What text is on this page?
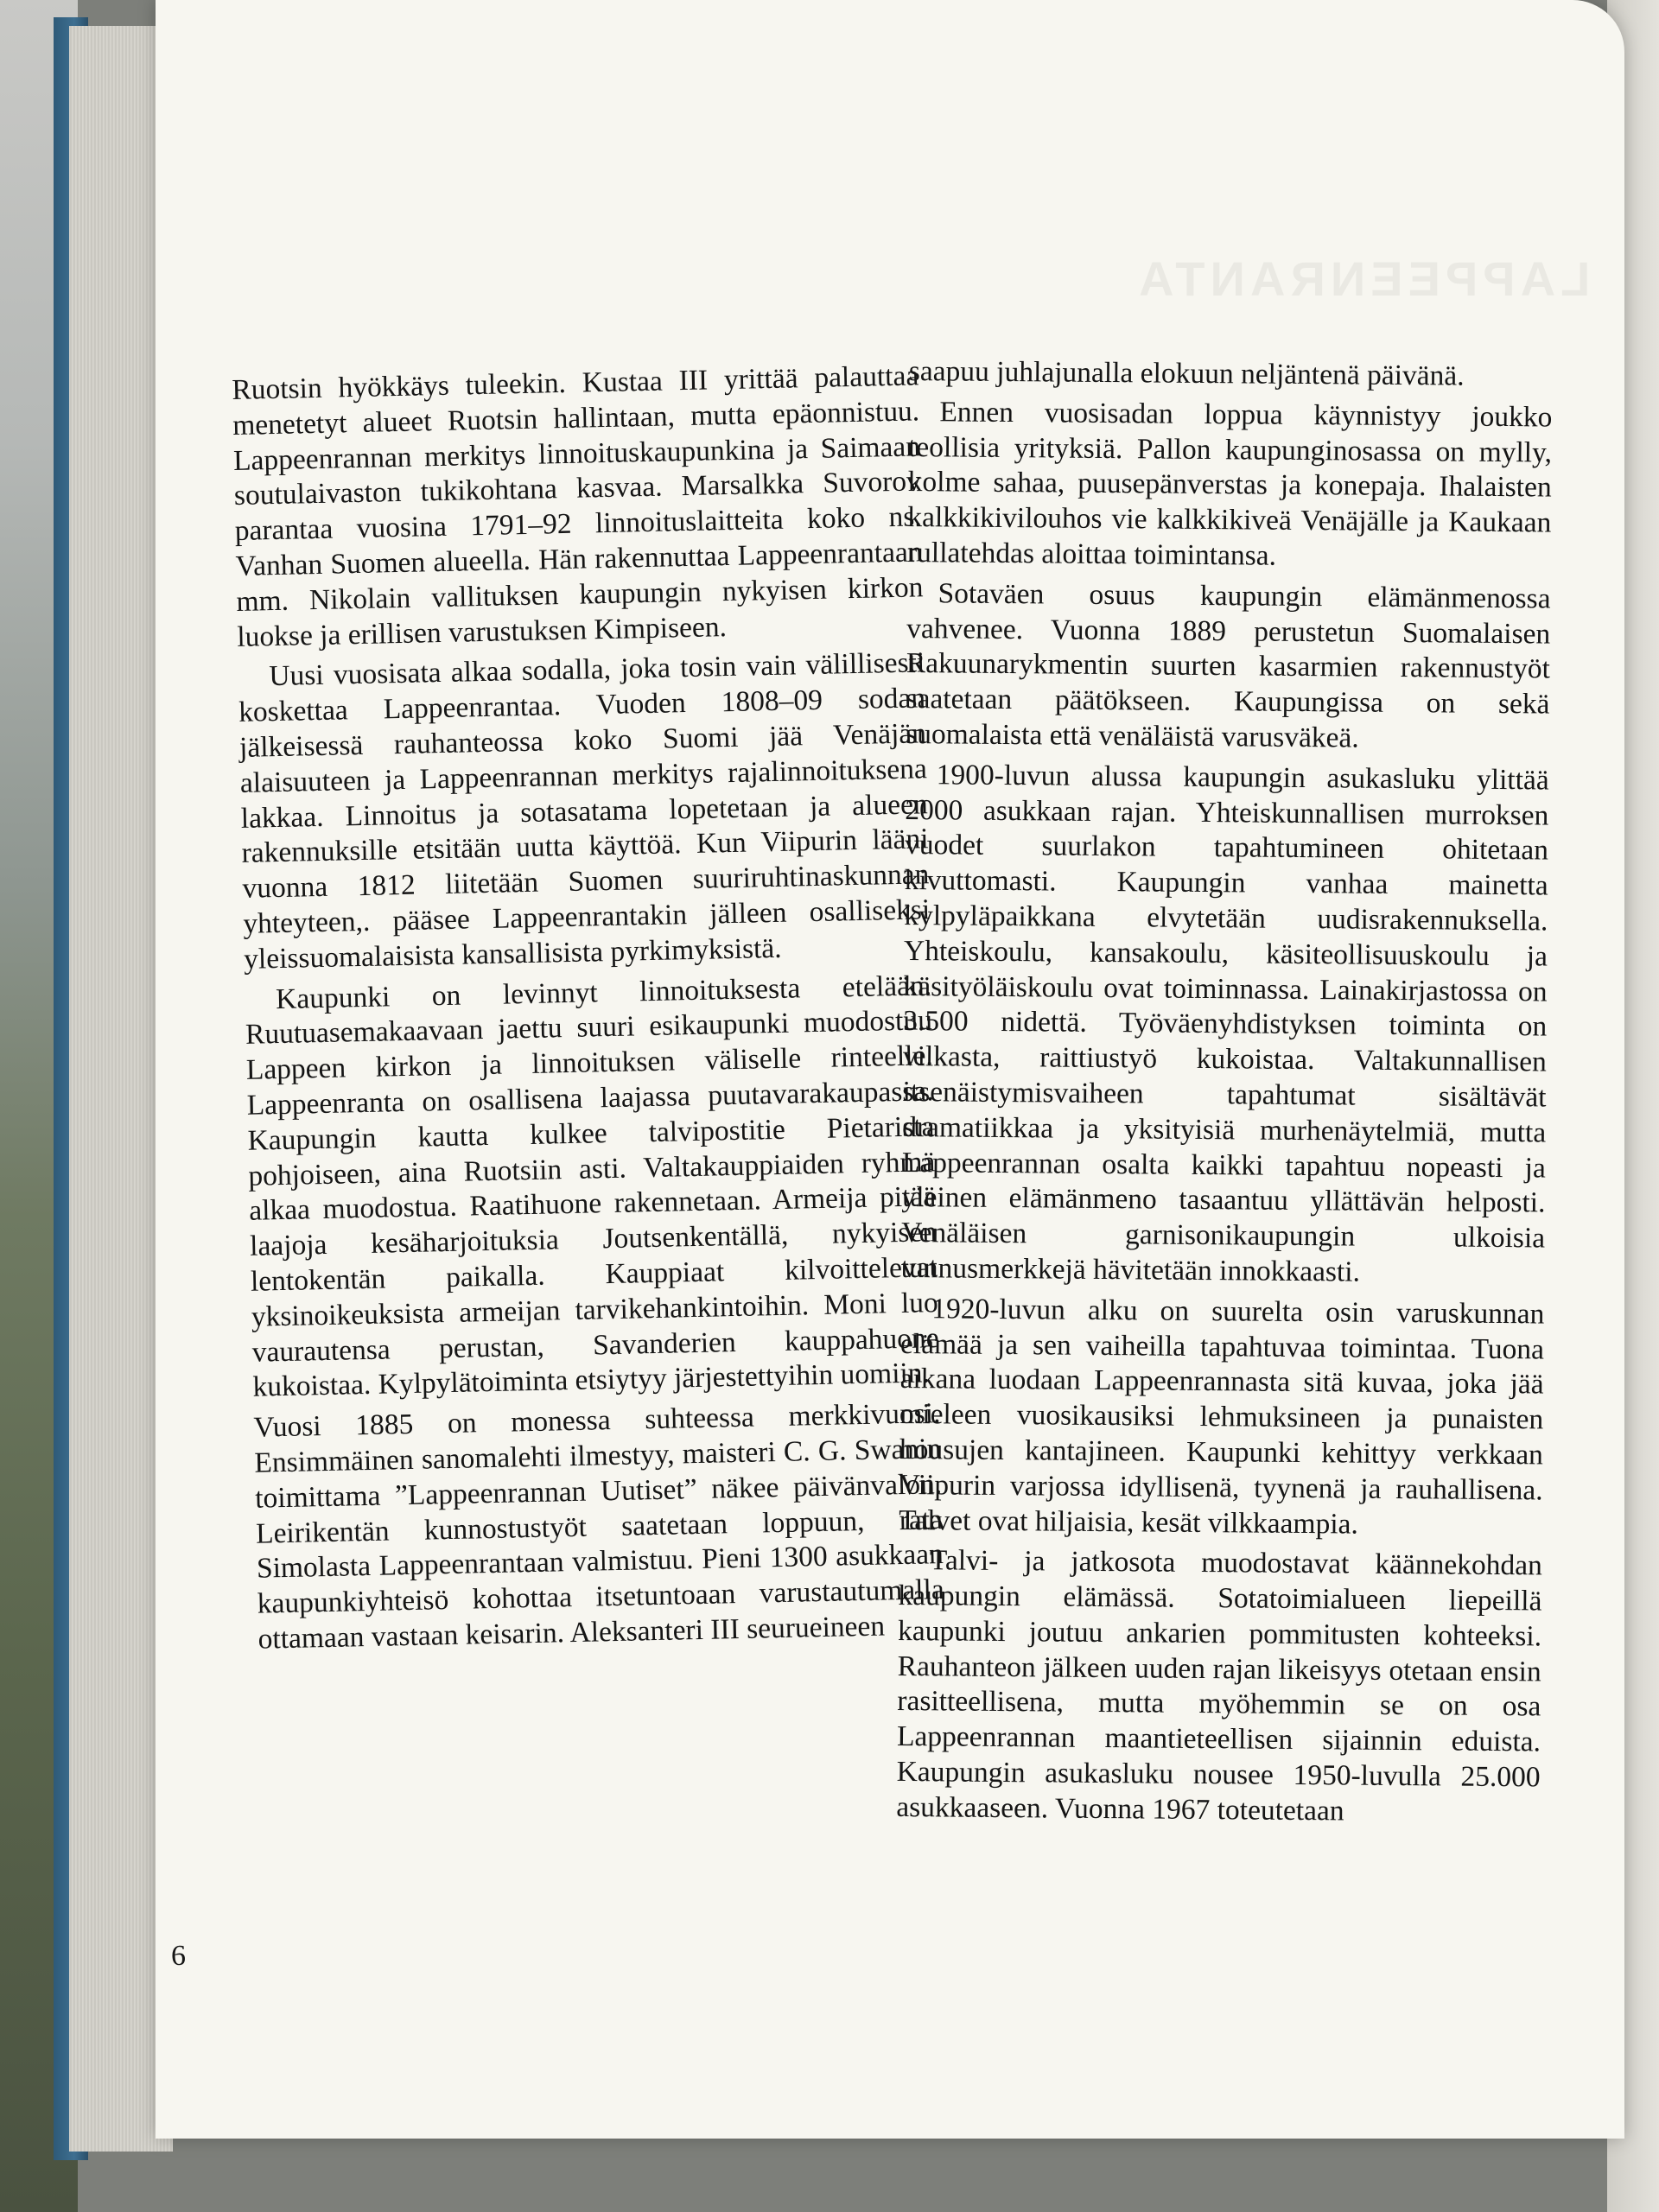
LAPPEENRANTA

Ruotsin hyökkäys tuleekin. Kustaa III yrittää palauttaa menetetyt alueet Ruotsin hallintaan, mutta epäonnistuu. Lappeenrannan merkitys linnoituskaupunkina ja Saimaan soutulaivaston tukikohtana kasvaa. Marsalkka Suvorov parantaa vuosina 1791–92 linnoituslaitteita koko ns. Vanhan Suomen alueella. Hän rakennuttaa Lappeenrantaan mm. Nikolain vallituksen kaupungin nykyisen kirkon luokse ja erillisen varustuksen Kimpiseen.

Uusi vuosisata alkaa sodalla, joka tosin vain välillisesti koskettaa Lappeenrantaa. Vuoden 1808–09 sodan jälkeisessä rauhanteossa koko Suomi jää Venäjän alaisuuteen ja Lappeenrannan merkitys rajalinnoituksena lakkaa. Linnoitus ja sotasatama lopetetaan ja alueen rakennuksille etsitään uutta käyttöä. Kun Viipurin lääni vuonna 1812 liitetään Suomen suuriruhtinaskunnan yhteyteen,. pääsee Lappeenrantakin jälleen osalliseksi yleissuomalaisista kansallisista pyrkimyksistä.

Kaupunki on levinnyt linnoituksesta etelään. Ruutuasemakaavaan jaettu suuri esikaupunki muodostuu Lappeen kirkon ja linnoituksen väliselle rinteelle. Lappeenranta on osallisena laajassa puutavarakaupassa. Kaupungin kautta kulkee talvipostitie Pietarista pohjoiseen, aina Ruotsiin asti. Valtakauppiaiden ryhmä alkaa muodostua. Raatihuone rakennetaan. Armeija pitää laajoja kesäharjoituksia Joutsenkentällä, nykyisen lentokentän paikalla. Kauppiaat kilvoittelevat yksinoikeuksista armeijan tarvikehankintoihin. Moni luo vaurautensa perustan, Savanderien kauppahuone kukoistaa. Kylpylätoiminta etsiytyy järjestettyihin uomiin.

Vuosi 1885 on monessa suhteessa merkkivuosi. Ensimmäinen sanomalehti ilmestyy, maisteri C. G. Swanin toimittama ”Lappeenrannan Uutiset” näkee päivänvalon. Leirikentän kunnostustyöt saatetaan loppuun, rata Simolasta Lappeenrantaan valmistuu. Pieni 1300 asukkaan kaupunkiyhteisö kohottaa itsetuntoaan varustautumalla ottamaan vastaan keisarin. Aleksanteri III seurueineen

saapuu juhlajunalla elokuun neljäntenä päivänä.

Ennen vuosisadan loppua käynnistyy joukko teollisia yrityksiä. Pallon kaupunginosassa on mylly, kolme sahaa, puusepänverstas ja konepaja. Ihalaisten kalkkikivilouhos vie kalkkikiveä Venäjälle ja Kaukaan rullatehdas aloittaa toimintansa.

Sotaväen osuus kaupungin elämänmenossa vahvenee. Vuonna 1889 perustetun Suomalaisen Rakuunarykmentin suurten kasarmien rakennustyöt saatetaan päätökseen. Kaupungissa on sekä suomalaista että venäläistä varusväkeä.

1900-luvun alussa kaupungin asukasluku ylittää 2000 asukkaan rajan. Yhteiskunnallisen murroksen vuodet suurlakon tapahtumineen ohitetaan kivuttomasti. Kaupungin vanhaa mainetta kylpyläpaikkana elvytetään uudisrakennuksella. Yhteiskoulu, kansakoulu, käsiteollisuuskoulu ja käsityöläiskoulu ovat toiminnassa. Lainakirjastossa on 3.500 nidettä. Työväenyhdistyksen toiminta on vilkasta, raittiustyö kukoistaa. Valtakunnallisen itsenäistymisvaiheen tapahtumat sisältävät dramatiikkaa ja yksityisiä murhenäytelmiä, mutta Lappeenrannan osalta kaikki tapahtuu nopeasti ja yleinen elämänmeno tasaantuu yllättävän helposti. Venäläisen garnisonikaupungin ulkoisia tunnusmerkkejä hävitetään innokkaasti.

1920-luvun alku on suurelta osin varuskunnan elämää ja sen vaiheilla tapahtuvaa toimintaa. Tuona aikana luodaan Lappeenrannasta sitä kuvaa, joka jää mieleen vuosikausiksi lehmuksineen ja punaisten housujen kantajineen. Kaupunki kehittyy verkkaan Viipurin varjossa idyllisenä, tyynenä ja rauhallisena. Talvet ovat hiljaisia, kesät vilkkaampia.

Talvi- ja jatkosota muodostavat käännekohdan kaupungin elämässä. Sotatoimialueen liepeillä kaupunki joutuu ankarien pommitusten kohteeksi. Rauhanteon jälkeen uuden rajan likeisyys otetaan ensin rasitteellisena, mutta myöhemmin se on osa Lappeenrannan maantieteellisen sijainnin eduista. Kaupungin asukasluku nousee 1950-luvulla 25.000 asukkaaseen. Vuonna 1967 toteutetaan

6
